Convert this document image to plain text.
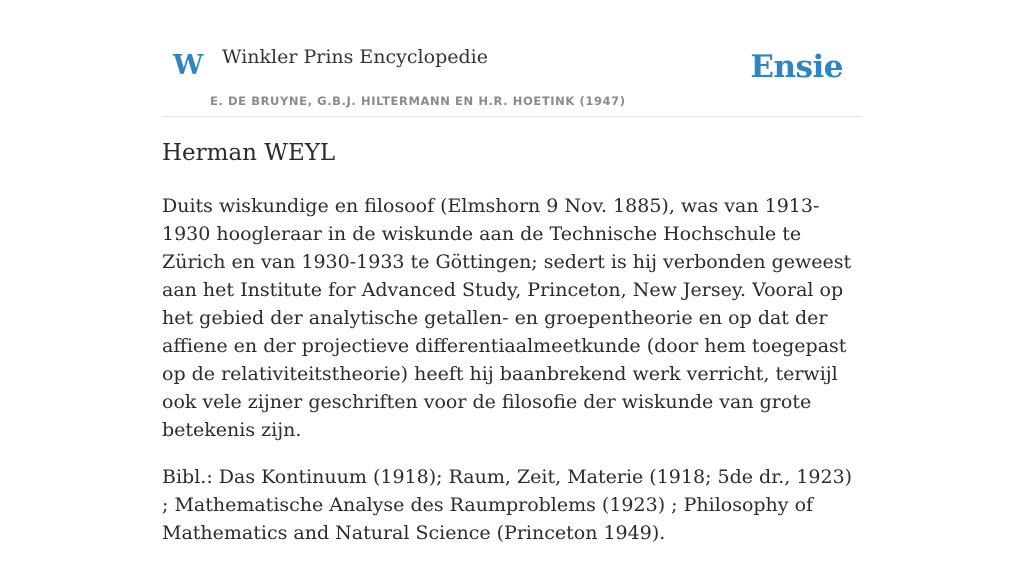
W Winkler Prins Encyclopedie
E. DE BRUYNE, G.B.J. HILTERMANN EN H.R. HOETINK (1947)
Ensie
Herman WEYL

Duits wiskundige en filosoof (Elmshorn 9 Nov. 1885), was van 1913-1930 hoogleraar in de wiskunde aan de Technische Hochschule te Zürich en van 1930-1933 te Göttingen; sedert is hij verbonden geweest aan het Institute for Advanced Study, Princeton, New Jersey. Vooral op het gebied der analytische getallen- en groepentheorie en op dat der affiene en der projectieve differentiaalmeetkunde (door hem toegepast op de relativiteitstheorie) heeft hij baanbrekend werk verricht, terwijl ook vele zijner geschriften voor de filosofie der wiskunde van grote betekenis zijn.

Bibl.: Das Kontinuum (1918); Raum, Zeit, Materie (1918; 5de dr., 1923) ; Mathematische Analyse des Raumproblems (1923) ; Philosophy of Mathematics and Natural Science (Princeton 1949).
